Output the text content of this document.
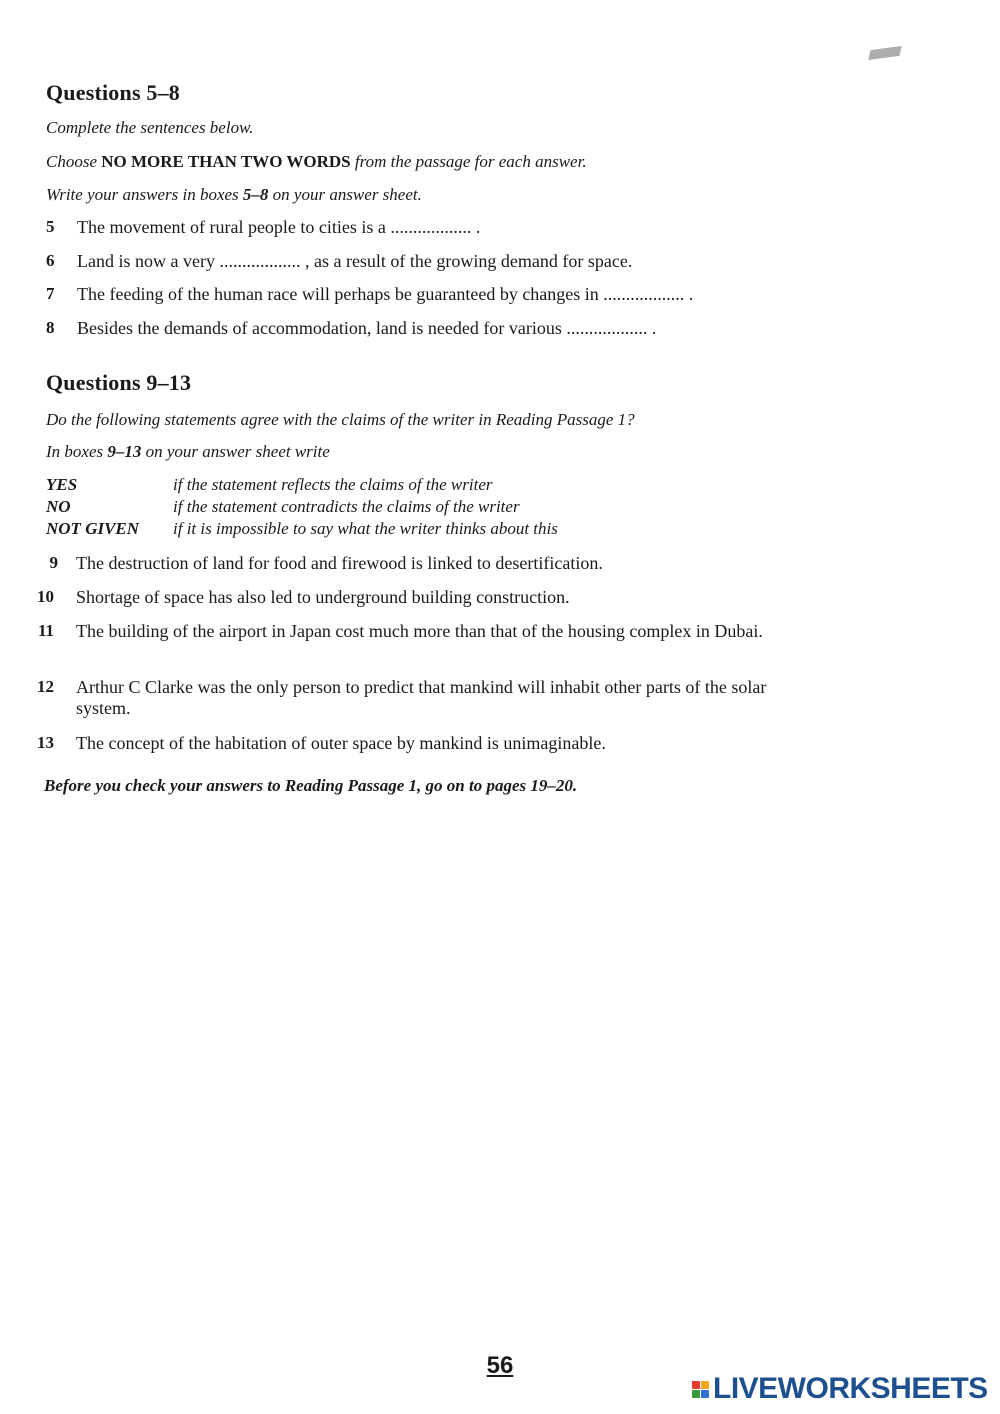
Questions 5–8

Complete the sentences below.

Choose NO MORE THAN TWO WORDS from the passage for each answer.

Write your answers in boxes 5–8 on your answer sheet.

5	The movement of rural people to cities is a .................. .
6	Land is now a very .................. , as a result of the growing demand for space.
7	The feeding of the human race will perhaps be guaranteed by changes in .................. .
8	Besides the demands of accommodation, land is needed for various .................. .
Questions 9–13

Do the following statements agree with the claims of the writer in Reading Passage 1?

In boxes 9–13 on your answer sheet write

YES	if the statement reflects the claims of the writer
NO	if the statement contradicts the claims of the writer
NOT GIVEN if it is impossible to say what the writer thinks about this
9 The destruction of land for food and firewood is linked to desertification.
10 Shortage of space has also led to underground building construction.
11 The building of the airport in Japan cost much more than that of the housing complex in Dubai.
12 Arthur C Clarke was the only person to predict that mankind will inhabit other parts of the solar system.
13 The concept of the habitation of outer space by mankind is unimaginable.
Before you check your answers to Reading Passage 1, go on to pages 19–20.
56
LIVEWORKSHEETS
